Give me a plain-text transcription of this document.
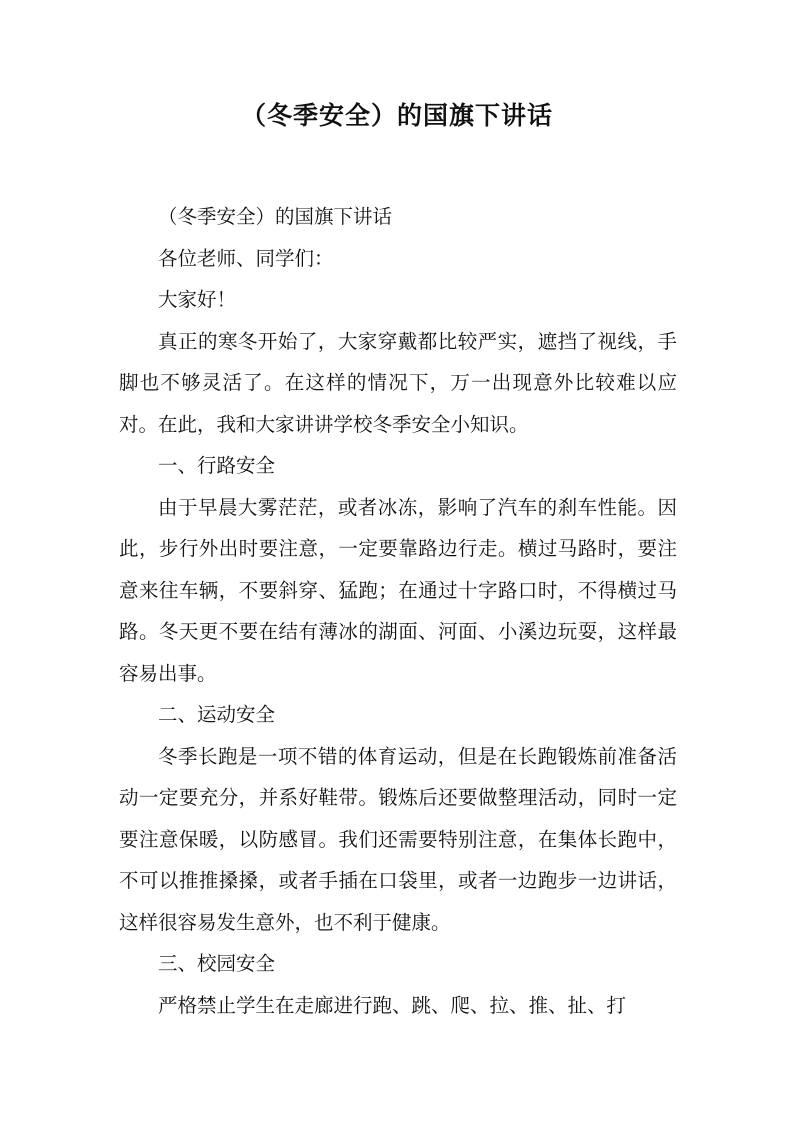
（冬季安全）的国旗下讲话

（冬季安全）的国旗下讲话

各位老师、同学们：

大家好！

真正的寒冬开始了，大家穿戴都比较严实，遮挡了视线，手脚也不够灵活了。在这样的情况下，万一出现意外比较难以应对。在此，我和大家讲讲学校冬季安全小知识。

一、行路安全

由于早晨大雾茫茫，或者冰冻，影响了汽车的刹车性能。因此，步行外出时要注意，一定要靠路边行走。横过马路时，要注意来往车辆，不要斜穿、猛跑；在通过十字路口时，不得横过马路。冬天更不要在结有薄冰的湖面、河面、小溪边玩耍，这样最容易出事。

二、运动安全

冬季长跑是一项不错的体育运动，但是在长跑锻炼前准备活动一定要充分，并系好鞋带。锻炼后还要做整理活动，同时一定要注意保暖，以防感冒。我们还需要特别注意，在集体长跑中，不可以推推搡搡，或者手插在口袋里，或者一边跑步一边讲话，这样很容易发生意外，也不利于健康。

三、校园安全

严格禁止学生在走廊进行跑、跳、爬、拉、推、扯、打
